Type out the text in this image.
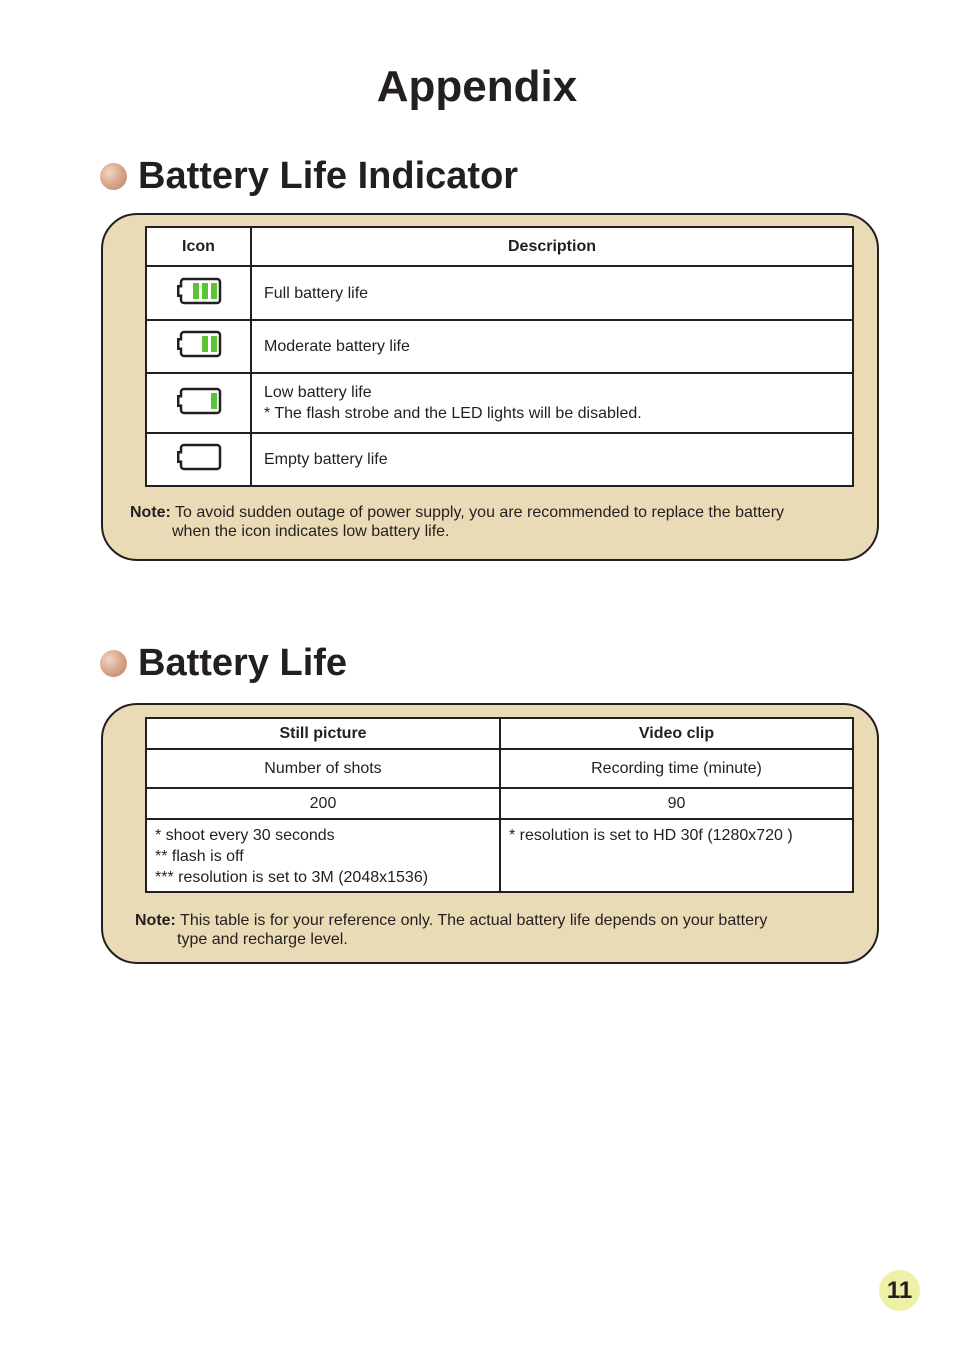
Appendix
Battery Life Indicator
Icon	Description

Full battery life

Moderate battery life

Low battery life
* The flash strobe and the LED lights will be disabled.

Empty battery life
Note: To avoid sudden outage of power supply, you are recommended to replace the battery
when the icon indicates low battery life.
Battery Life
Still picture	Video clip
Number of shots	Recording time (minute)
200	90

* shoot every 30 seconds
** flash is off
*** resolution is set to 3M (2048x1536)	* resolution is set to HD 30f (1280x720 )
Note: This table is for your reference only. The actual battery life depends on your battery
type and recharge level.
11
